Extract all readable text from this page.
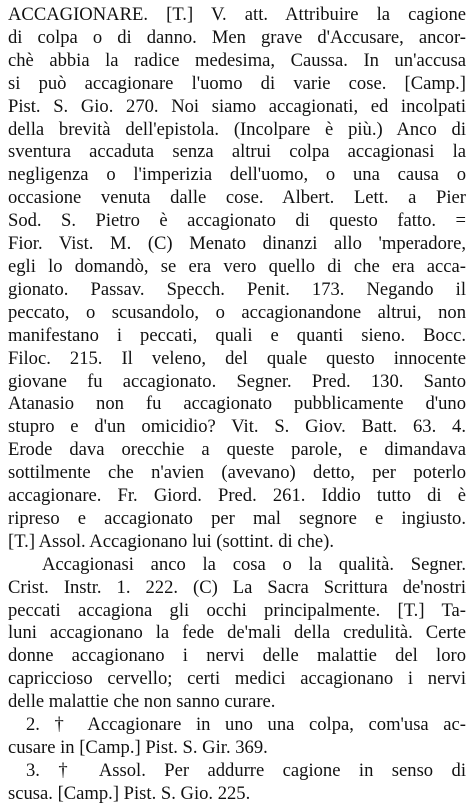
ACCAGIONARE. [T.] V. att. Attribuire la cagione
di colpa o di danno. Men grave d'Accusare, ancor-
chè abbia la radice medesima, Caussa. In un'accusa
si può accagionare l'uomo di varie cose. [Camp.]
Pist. S. Gio. 270. Noi siamo accagionati, ed incolpati
della brevità dell'epistola. (Incolpare è più.) Anco di
sventura accaduta senza altrui colpa accagionasi la
negligenza o l'imperizia dell'uomo, o una causa o
occasione venuta dalle cose. Albert. Lett. a Pier
Sod. S. Pietro è accagionato di questo fatto. =
Fior. Vist. M. (C) Menato dinanzi allo 'mperadore,
egli lo domandò, se era vero quello di che era acca-
gionato. Passav. Specch. Penit. 173. Negando il
peccato, o scusandolo, o accagionandone altrui, non
manifestano i peccati, quali e quanti sieno. Bocc.
Filoc. 215. Il veleno, del quale questo innocente
giovane fu accagionato. Segner. Pred. 130. Santo
Atanasio non fu accagionato pubblicamente d'uno
stupro e d'un omicidio? Vit. S. Giov. Batt. 63. 4.
Erode dava orecchie a queste parole, e dimandava
sottilmente che n'avien (avevano) detto, per poterlo
accagionare. Fr. Giord. Pred. 261. Iddio tutto di è
ripreso e accagionato per mal segnore e ingiusto.
[T.] Assol. Accagionano lui (sottint. di che).
Accagionasi anco la cosa o la qualità. Segner.
Crist. Instr. 1. 222. (C) La Sacra Scrittura de'nostri
peccati accagiona gli occhi principalmente. [T.] Ta-
luni accagionano la fede de'mali della credulità. Certe
donne accagionano i nervi delle malattie del loro
capriccioso cervello; certi medici accagionano i nervi
delle malattie che non sanno curare.
2. † Accagionare in uno una colpa, com'usa ac-
cusare in [Camp.] Pist. S. Gir. 369.
3. † Assol. Per addurre cagione in senso di
scusa. [Camp.] Pist. S. Gio. 225.
